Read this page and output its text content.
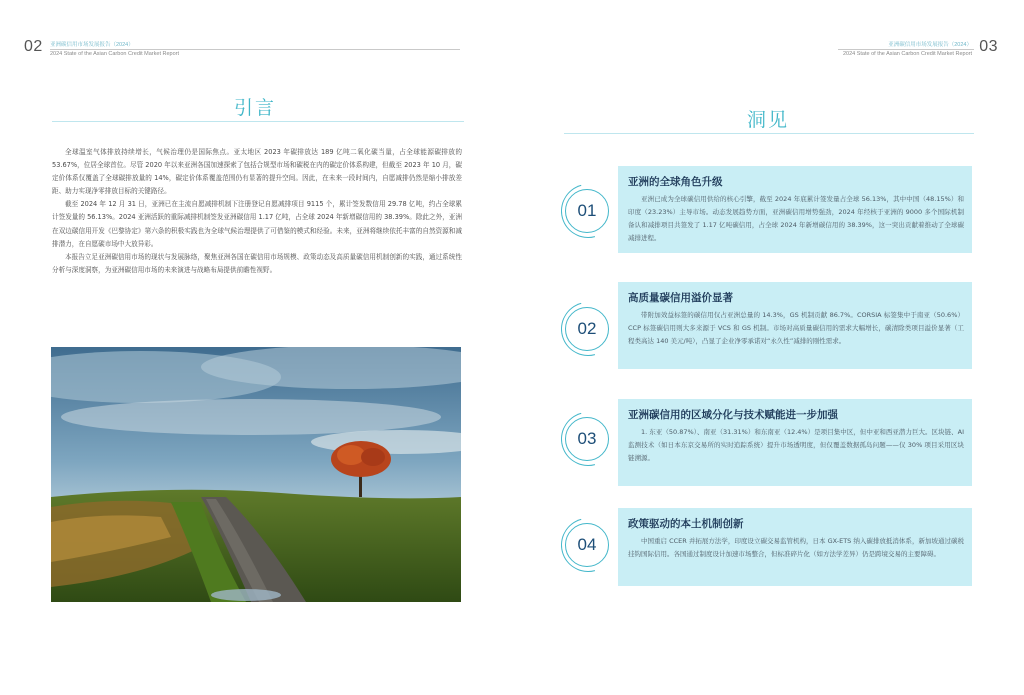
02 亚洲碳信用市场发展报告（2024）
2024 State of the Asian Carbon Credit Market Report
引言

全球温室气体排放持续增长，气候治理仍是国际焦点。亚太地区 2023 年碳排放达 189 亿吨二氧化碳当量，占全球能源碳排放的 53.67%，位居全球首位。尽管 2020 年以来亚洲各国加速探索了包括合规型市场和碳税在内的碳定价体系构建，但截至 2023 年 10 月，碳定价体系仅覆盖了全球碳排放量的 14%，碳定价体系覆盖范围仍有显著的提升空间。因此，在未来一段时间内，自愿减排仍然是缩小排放差距、助力实现净零排放目标的关键路径。

截至 2024 年 12 月 31 日，亚洲已在主流自愿减排机制下注册登记自愿减排项目 9115 个，累计签发数信用 29.78 亿吨，约占全球累计签发量的 56.13%。2024 亚洲活跃的重际减排机制签发亚洲碳信用 1.17 亿吨，占全球 2024 年新增碳信用的 38.39%。除此之外，亚洲在双边碳信用开发《巴黎协定》第六条的积极实践也为全球气候治理提供了可借鉴的模式和经验。未来，亚洲将继续依托丰富的自然资源和减排潜力，在自愿碳市场中大放异彩。

本报告立足亚洲碳信用市场的现状与发展脉络，聚焦亚洲各国在碳信用市场规模、政策动态及高质量碳信用机制创新的实践，通过系统性分析与深度洞察，为亚洲碳信用市场的未来演进与战略布局提供前瞻性视野。

03
亚洲碳信用市场发展报告（2024）
2024 State of the Asian Carbon Credit Market Report
洞见
01
亚洲的全球角色升级
亚洲已成为全球碳信用供给的核心引擎，截至 2024 年底累计签发量占全球 56.13%，其中中国（48.15%）和印度（23.23%）主导市场。动态发展趋势方面，亚洲碳信用增势强劲，2024 年经核于亚洲的 9000 多个国际机制备认和减排项目共签发了 1.17 亿吨碳信用，占全球 2024 年新增碳信用的 38.39%，这一突出贡献着推动了全球碳减排进程。
02
高质量碳信用溢价显著
带附加效益标签的碳信用仅占亚洲总量的 14.3%，GS 机制贡献 86.7%。CORSIA 标签集中于南亚（50.6%）CCP 标签碳信用则大多来源于 VCS 和 GS 机制。市场对高质量碳信用的需求大幅增长，碳清除类项目溢价显著（工程类高达 140 美元/吨），凸显了企业净零承诺对“永久性”减排的刚性需求。
03
亚洲碳信用的区域分化与技术赋能进一步加强
1. 东亚（50.87%）、南亚（31.31%）和东南亚（12.4%）是项目集中区，但中亚和西亚潜力巨大。区块链、AI 监测技术（如日本东京交易所的实时追踪系统）提升市场透明度，但仅覆盖数据孤岛问题——仅 30% 项目采用区块链溯源。
04
政策驱动的本土机制创新
中国重启 CCER 并拓展方法学，印度设立碳交易监管机构，日本 GX-ETS 纳入碳排放抵消体系，新加坡通过碳税挂钩国际信用。各国通过制度设计加速市场整合，但标准碎片化（如方法学差异）仍是跨境交易的主要障碍。
